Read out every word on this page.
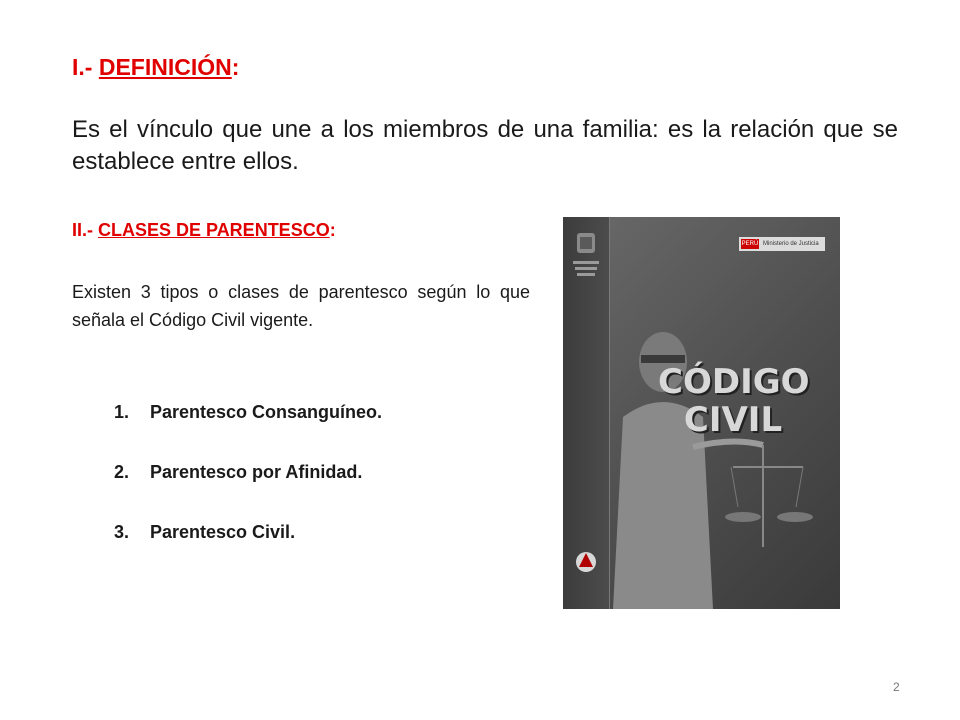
I.- DEFINICIÓN:
Es el vínculo que une a los miembros de una familia: es la relación que se establece entre ellos.
II.- CLASES DE PARENTESCO:
Existen 3 tipos o clases de parentesco según lo que señala el Código Civil vigente.
1.	Parentesco Consanguíneo.
2.	Parentesco por Afinidad.
3.	Parentesco Civil.
PERÚ Ministerio de Justicia
CÓDIGO
CIVIL
2
